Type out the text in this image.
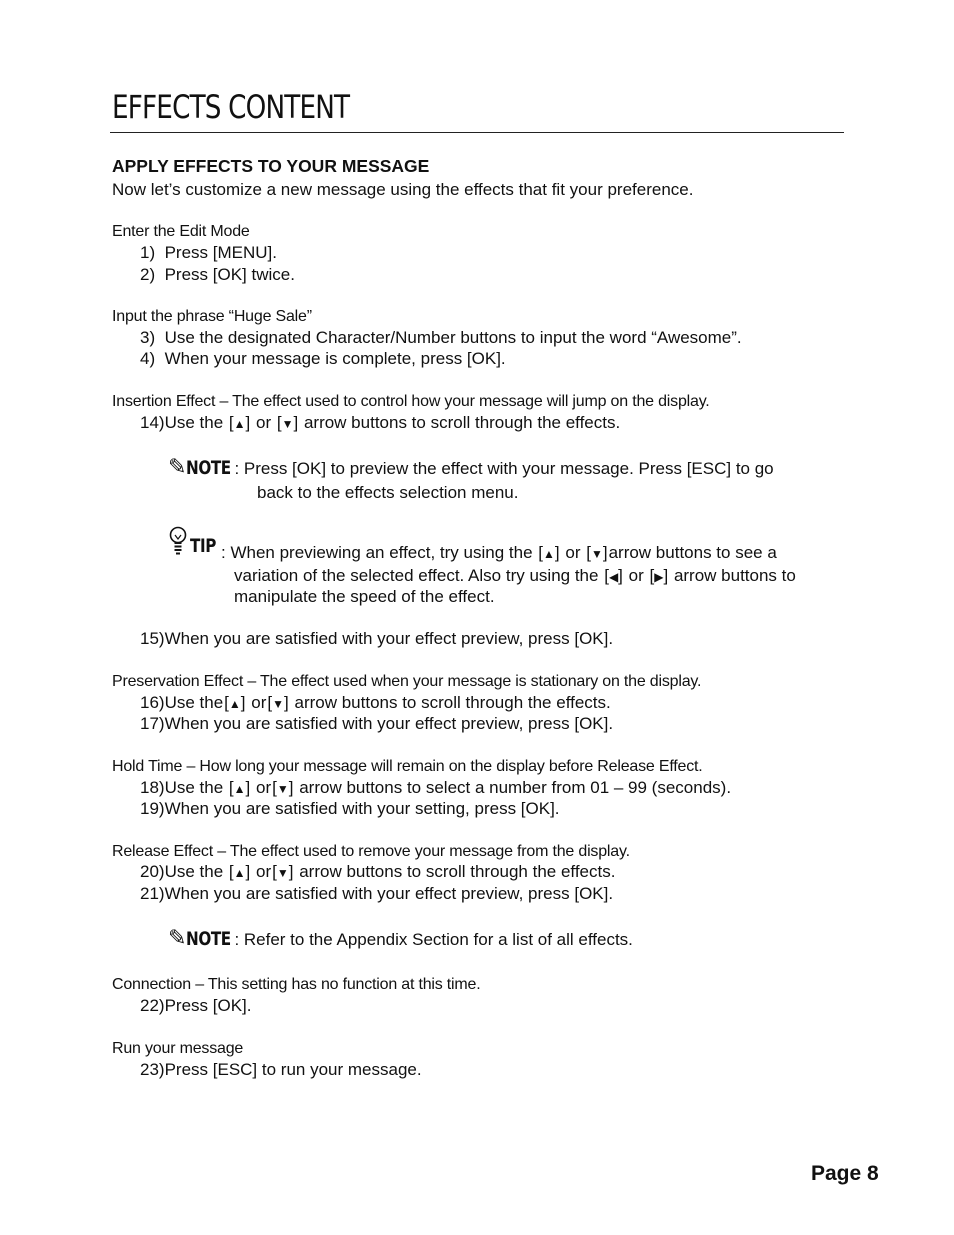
EFFECTS CONTENT
APPLY EFFECTS TO YOUR MESSAGE
Now let’s customize a new message using the effects that fit your preference.
Enter the Edit Mode
1) Press [MENU].
2) Press [OK] twice.
Input the phrase “Huge Sale”
3) Use the designated Character/Number buttons to input the word “Awesome”.
4) When your message is complete, press [OK].
Insertion Effect – The effect used to control how your message will jump on the display.
14)Use the [ ▲ ] or [ ▼ ] arrow buttons to scroll through the effects.
✎NOTE : Press [OK] to preview the effect with your message. Press [ESC] to go
back to the effects selection menu.
TIP : When previewing an effect, try using the [ ▲ ] or [ ▼ ] arrow buttons to see a
variation of the selected effect. Also try using the [ ◀ ] or [ ▶ ] arrow buttons to
manipulate the speed of the effect.
15)When you are satisfied with your effect preview, press [OK].
Preservation Effect – The effect used when your message is stationary on the display.
16)Use the [ ▲ ] or [ ▼ ] arrow buttons to scroll through the effects.
17)When you are satisfied with your effect preview, press [OK].
Hold Time – How long your message will remain on the display before Release Effect.
18)Use the [ ▲ ] or [ ▼ ] arrow buttons to select a number from 01 – 99 (seconds).
19)When you are satisfied with your setting, press [OK].
Release Effect – The effect used to remove your message from the display.
20)Use the [ ▲ ] or [ ▼ ] arrow buttons to scroll through the effects.
21)When you are satisfied with your effect preview, press [OK].
✎NOTE : Refer to the Appendix Section for a list of all effects.
Connection – This setting has no function at this time.
22)Press [OK].
Run your message
23)Press [ESC] to run your message.
Page 8
